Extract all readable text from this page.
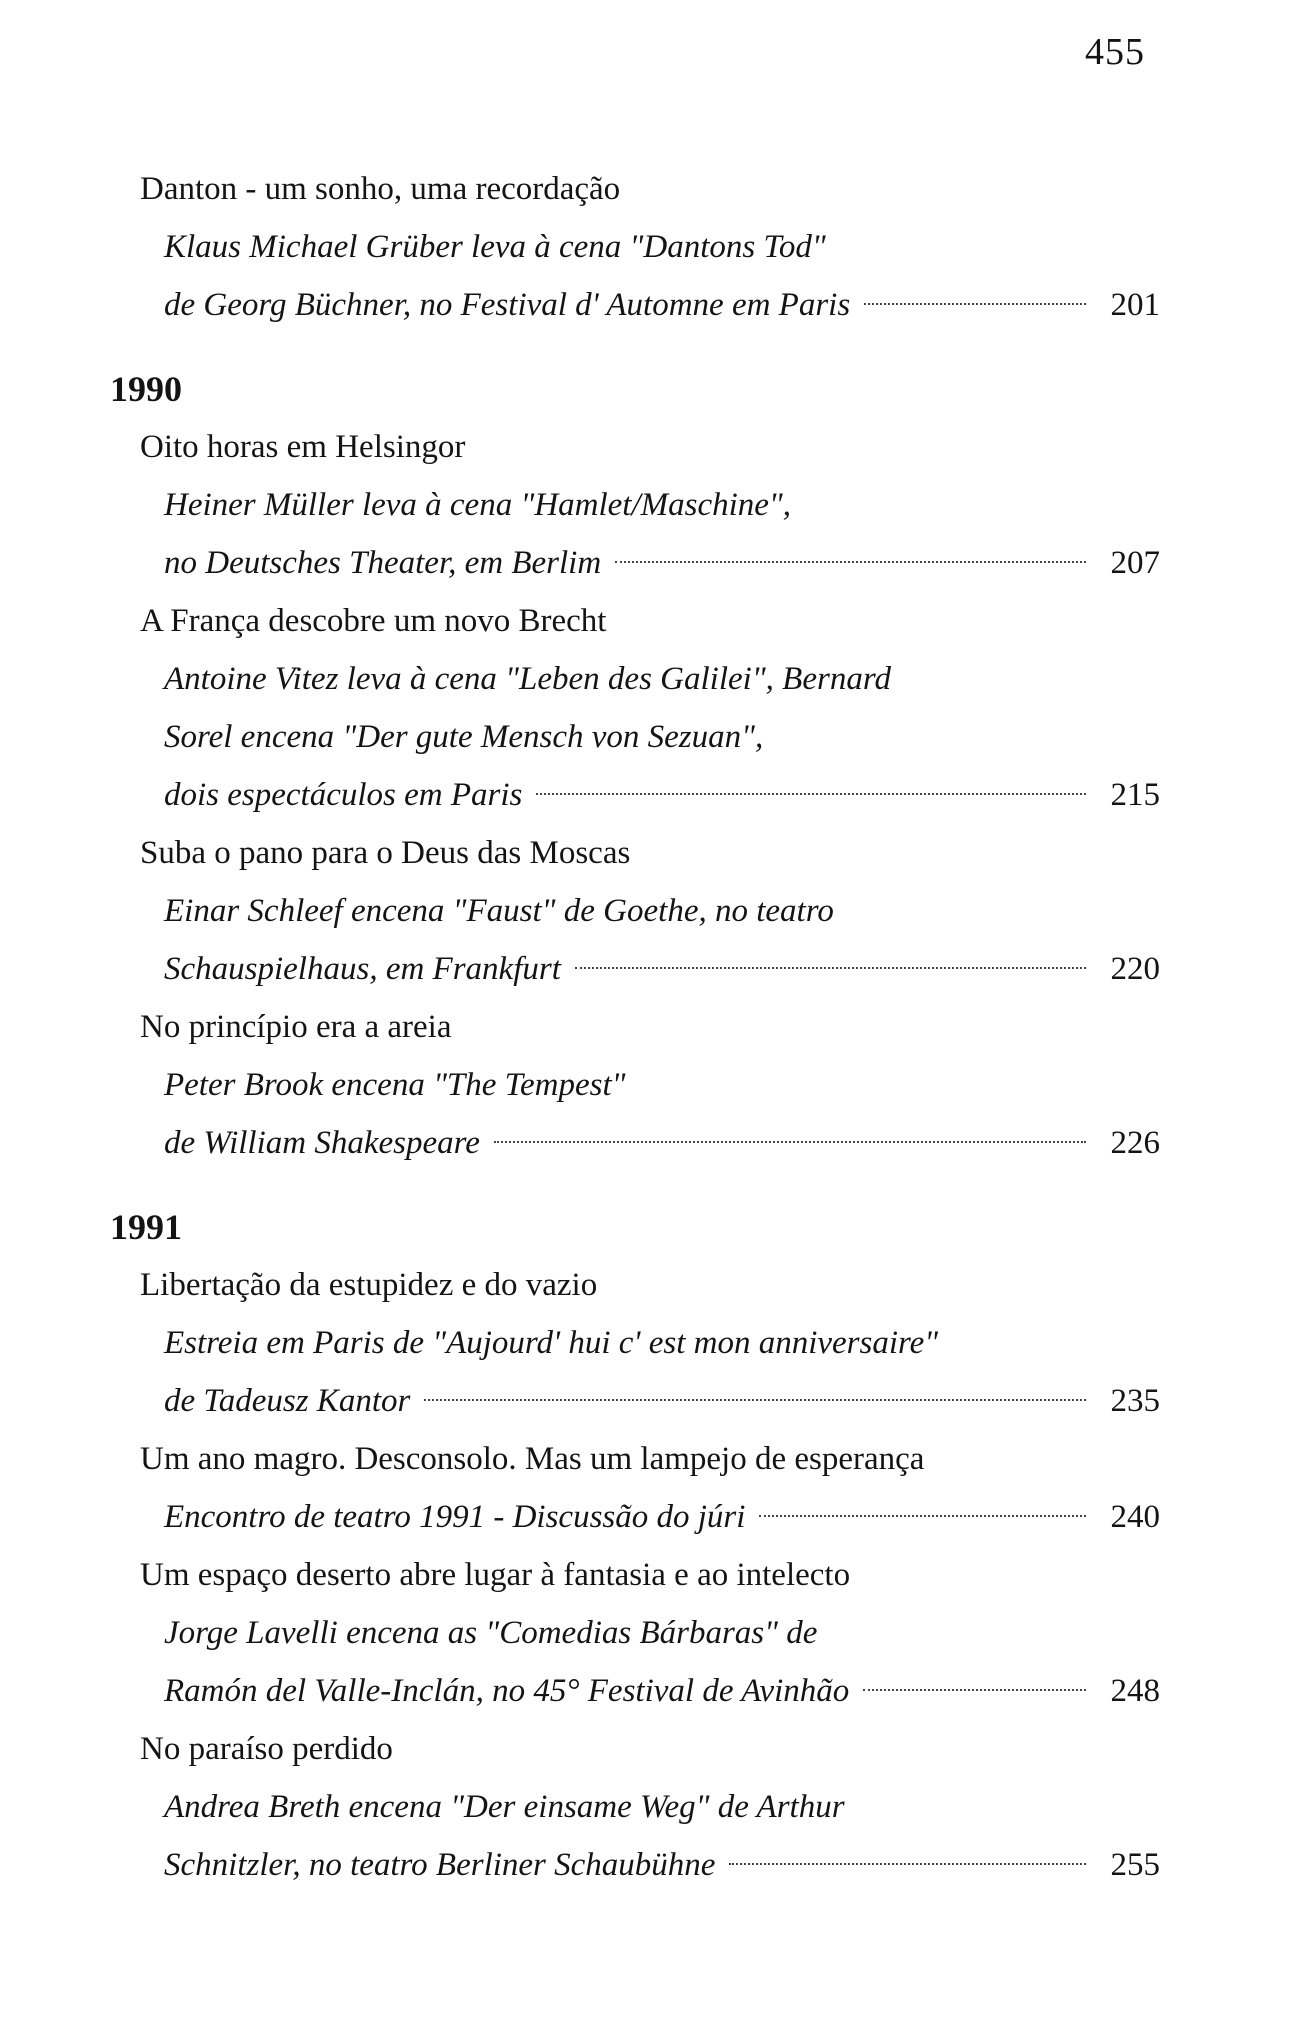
455
Danton - um sonho, uma recordação
Klaus Michael Grüber leva à cena "Dantons Tod"
de Georg Büchner, no Festival d' Automne em Paris	201
1990
Oito horas em Helsingor
Heiner Müller leva à cena "Hamlet/Maschine",
no Deutsches Theater, em Berlim	207
A França descobre um novo Brecht
Antoine Vitez leva à cena "Leben des Galilei", Bernard
Sorel encena "Der gute Mensch von Sezuan",
dois espectáculos em Paris	215
Suba o pano para o Deus das Moscas
Einar Schleef encena "Faust" de Goethe, no teatro
Schauspielhaus, em Frankfurt	220
No princípio era a areia
Peter Brook encena "The Tempest"
de William Shakespeare	226
1991
Libertação da estupidez e do vazio
Estreia em Paris de "Aujourd' hui c' est mon anniversaire"
de Tadeusz Kantor	235
Um ano magro. Desconsolo. Mas um lampejo de esperança
Encontro de teatro 1991 - Discussão do júri	240
Um espaço deserto abre lugar à fantasia e ao intelecto
Jorge Lavelli encena as "Comedias Bárbaras" de
Ramón del Valle-Inclán, no 45° Festival de Avinhão	248
No paraíso perdido
Andrea Breth encena "Der einsame Weg" de Arthur
Schnitzler, no teatro Berliner Schaubühne	255
